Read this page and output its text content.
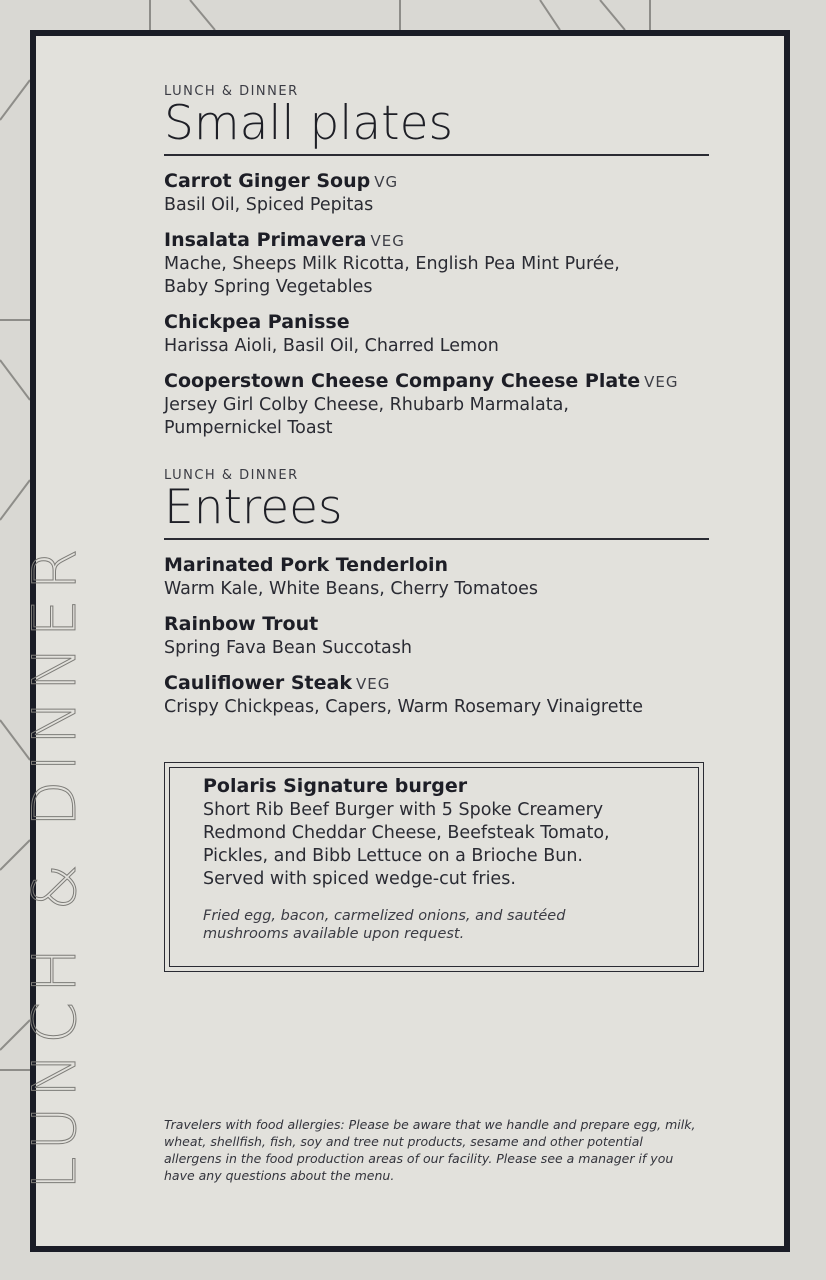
LUNCH & DINNER

LUNCH & DINNER

Small plates
Carrot Ginger Soup VG
Basil Oil, Spiced Pepitas
Insalata Primavera VEG
Mache, Sheeps Milk Ricotta, English Pea Mint Purée, Baby Spring Vegetables
Chickpea Panisse
Harissa Aioli, Basil Oil, Charred Lemon
Cooperstown Cheese Company Cheese Plate VEG
Jersey Girl Colby Cheese, Rhubarb Marmalata, Pumpernickel Toast

LUNCH & DINNER

Entrees
Marinated Pork Tenderloin
Warm Kale, White Beans, Cherry Tomatoes
Rainbow Trout
Spring Fava Bean Succotash
Cauliflower Steak VEG
Crispy Chickpeas, Capers, Warm Rosemary Vinaigrette
Polaris Signature burger
Short Rib Beef Burger with 5 Spoke Creamery Redmond Cheddar Cheese, Beefsteak Tomato, Pickles, and Bibb Lettuce on a Brioche Bun. Served with spiced wedge-cut fries.
Fried egg, bacon, carmelized onions, and sautéed mushrooms available upon request.
Travelers with food allergies: Please be aware that we handle and prepare egg, milk, wheat, shellfish, fish, soy and tree nut products, sesame and other potential allergens in the food production areas of our facility. Please see a manager if you have any questions about the menu.
